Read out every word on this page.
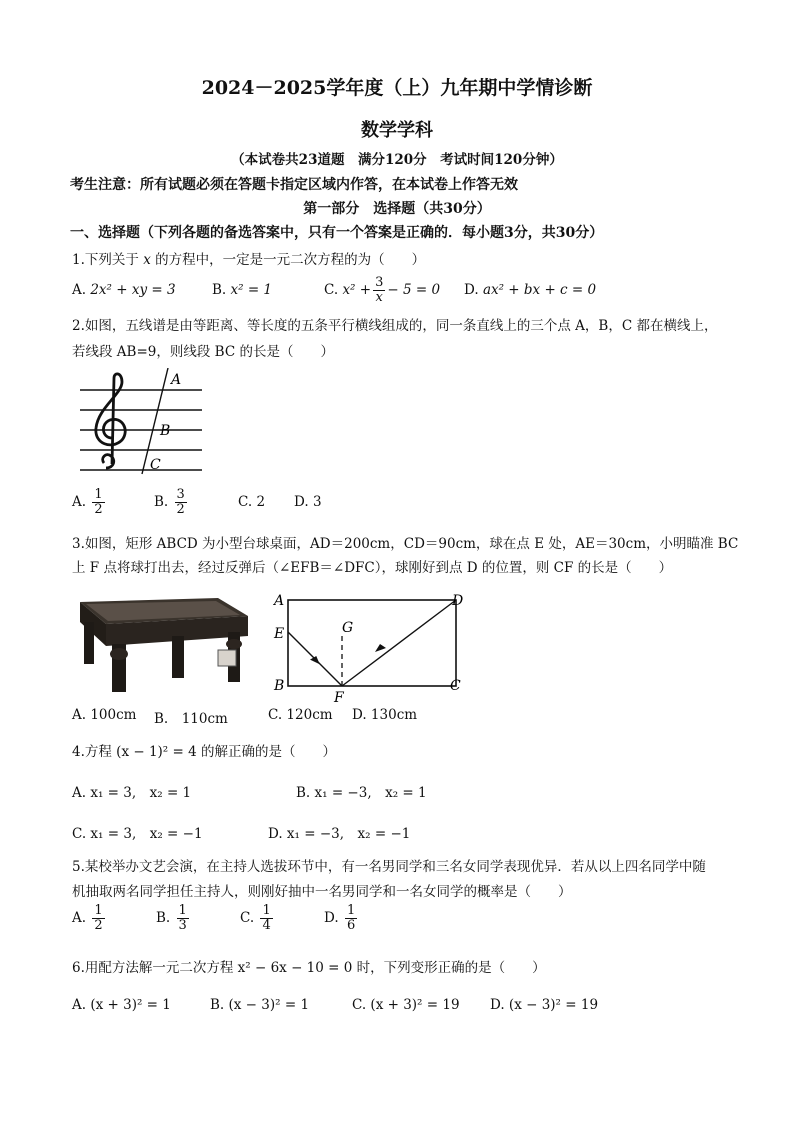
2024－2025学年度（上）九年期中学情诊断
数学学科
（本试卷共23道题　满分120分　考试时间120分钟）
考生注意：所有试题必须在答题卡指定区域内作答，在本试卷上作答无效
第一部分　选择题（共30分）
一、选择题（下列各题的备选答案中，只有一个答案是正确的．每小题3分，共30分）
1.下列关于 x 的方程中，一定是一元二次方程的为（　　）
A. 2x² + xy = 3	B. x² = 1	C.
$x^2 + \frac{3}{x} - 5 = 0$ D. ax² + bx + c = 0
2.如图，五线谱是由等距离、等长度的五条平行横线组成的，同一条直线上的三个点 A，B，C 都在横线上，
若线段 AB=9，则线段 BC 的长是（　　）
A
B
C
A.
$\frac{1}{2}$	B.
$\frac{3}{2}$	C. 2	D. 3
3.如图，矩形 ABCD 为小型台球桌面，AD＝200cm，CD＝90cm，球在点 E 处，AE＝30cm，小明瞄准 BC
上 F 点将球打出去，经过反弹后（∠EFB＝∠DFC），球刚好到点 D 的位置，则 CF 的长是（　　）
A	D
E	G
B
F
C
A. 100cm B.　110cm	C. 120cm D. 130cm
4.方程 (x − 1)² = 4 的解正确的是（　　）
A. x₁ = 3,　x₂ = 1	B. x₁ = −3,　x₂ = 1
C. x₁ = 3,　x₂ = −1	D. x₁ = −3,　x₂ = −1
5.某校举办文艺会演，在主持人选拔环节中，有一名男同学和三名女同学表现优异．若从以上四名同学中随
机抽取两名同学担任主持人，则刚好抽中一名男同学和一名女同学的概率是（　　）
A.
$\frac{1}{2}$	B.
$\frac{1}{3}$	C.
$\frac{1}{4}$	D.
$\frac{1}{6}$
6.用配方法解一元二次方程 x² − 6x − 10 = 0 时，下列变形正确的是（　　）
A. (x + 3)² = 1	B. (x − 3)² = 1	C. (x + 3)² = 19 D. (x − 3)² = 19
